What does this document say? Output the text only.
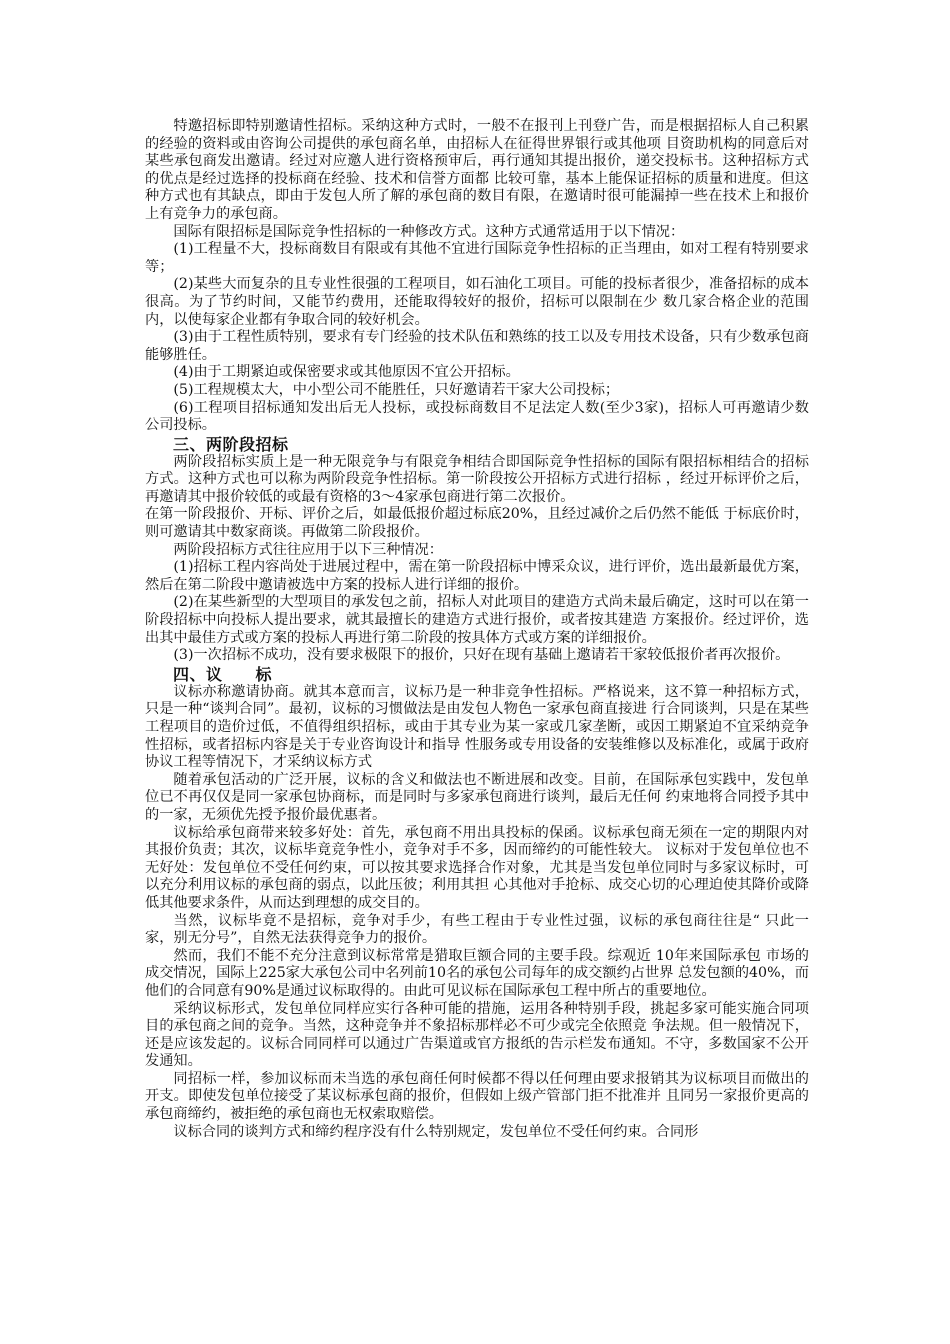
特邀招标即特别邀请性招标。采纳这种方式时，一般不在报刊上刊登广告，而是根据招标人自己积累的经验的资料或由咨询公司提供的承包商名单，由招标人在征得世界银行或其他项 目资助机构的同意后对某些承包商发出邀请。经过对应邀人进行资格预审后，再行通知其提出报价，递交投标书。这种招标方式的优点是经过选择的投标商在经验、技术和信誉方面都 比较可靠，基本上能保证招标的质量和进度。但这种方式也有其缺点，即由于发包人所了解的承包商的数目有限，在邀请时很可能漏掉一些在技术上和报价上有竞争力的承包商。

国际有限招标是国际竞争性招标的一种修改方式。这种方式通常适用于以下情况：

(1)工程量不大，投标商数目有限或有其他不宜进行国际竞争性招标的正当理由，如对工程有特别要求等；

(2)某些大而复杂的且专业性很强的工程项目，如石油化工项目。可能的投标者很少，准备招标的成本很高。为了节约时间，又能节约费用，还能取得较好的报价，招标可以限制在少 数几家合格企业的范围内，以使每家企业都有争取合同的较好机会。

(3)由于工程性质特别，要求有专门经验的技术队伍和熟练的技工以及专用技术设备，只有少数承包商能够胜任。

(4)由于工期紧迫或保密要求或其他原因不宜公开招标。

(5)工程规模太大，中小型公司不能胜任，只好邀请若干家大公司投标；

(6)工程项目招标通知发出后无人投标，或投标商数目不足法定人数(至少3家)，招标人可再邀请少数公司投标。

三、两阶段招标

两阶段招标实质上是一种无限竞争与有限竞争相结合即国际竞争性招标的国际有限招标相结合的招标方式。这种方式也可以称为两阶段竞争性招标。第一阶段按公开招标方式进行招标 ，经过开标评价之后，再邀请其中报价较低的或最有资格的3～4家承包商进行第二次报价。

在第一阶段报价、开标、评价之后，如最低报价超过标底20%，且经过减价之后仍然不能低 于标底价时，则可邀请其中数家商谈。再做第二阶段报价。

两阶段招标方式往往应用于以下三种情况：

(1)招标工程内容尚处于进展过程中，需在第一阶段招标中博采众议，进行评价，选出最新最优方案，然后在第二阶段中邀请被选中方案的投标人进行详细的报价。

(2)在某些新型的大型项目的承发包之前，招标人对此项目的建造方式尚未最后确定，这时可以在第一阶段招标中向投标人提出要求，就其最擅长的建造方式进行报价，或者按其建造 方案报价。经过评价，选出其中最佳方式或方案的投标人再进行第二阶段的按具体方式或方案的详细报价。

(3)一次招标不成功，没有要求极限下的报价，只好在现有基础上邀请若干家较低报价者再次报价。

四、议　　标

议标亦称邀请协商。就其本意而言，议标乃是一种非竞争性招标。严格说来，这不算一种招标方式，只是一种“谈判合同”。最初，议标的习惯做法是由发包人物色一家承包商直接进 行合同谈判，只是在某些工程项目的造价过低，不值得组织招标，或由于其专业为某一家或几家垄断，或因工期紧迫不宜采纳竞争性招标，或者招标内容是关于专业咨询设计和指导 性服务或专用设备的安装维修以及标准化，或属于政府协议工程等情况下，才采纳议标方式

随着承包活动的广泛开展，议标的含义和做法也不断进展和改变。目前，在国际承包实践中，发包单位已不再仅仅是同一家承包协商标，而是同时与多家承包商进行谈判，最后无任何 约束地将合同授予其中的一家，无须优先授予报价最优惠者。

议标给承包商带来较多好处：首先，承包商不用出具投标的保函。议标承包商无须在一定的期限内对其报价负责；其次，议标毕竟竞争性小，竞争对手不多，因而缔约的可能性较大。 议标对于发包单位也不无好处：发包单位不受任何约束，可以按其要求选择合作对象，尤其是当发包单位同时与多家议标时，可以充分利用议标的承包商的弱点，以此压彼；利用其担 心其他对手抢标、成交心切的心理迫使其降价或降低其他要求条件，从而达到理想的成交目的。

当然，议标毕竟不是招标，竞争对手少，有些工程由于专业性过强，议标的承包商往往是“ 只此一家，别无分号”，自然无法获得竞争力的报价。

然而，我们不能不充分注意到议标常常是猎取巨额合同的主要手段。综观近 10年来国际承包 市场的成交情况，国际上225家大承包公司中名列前10名的承包公司每年的成交额约占世界 总发包额的40%，而他们的合同意有90%是通过议标取得的。由此可见议标在国际承包工程中所占的重要地位。

采纳议标形式，发包单位同样应实行各种可能的措施，运用各种特别手段，挑起多家可能实施合同项目的承包商之间的竞争。当然，这种竞争并不象招标那样必不可少或完全依照竞 争法规。但一般情况下，还是应该发起的。议标合同同样可以通过广告渠道或官方报纸的告示栏发布通知。不守，多数国家不公开发通知。

同招标一样，参加议标而未当选的承包商任何时候都不得以任何理由要求报销其为议标项目而做出的开支。即使发包单位接受了某议标承包商的报价，但假如上级产管部门拒不批准并 且同另一家报价更高的承包商缔约，被拒绝的承包商也无权索取赔偿。

议标合同的谈判方式和缔约程序没有什么特别规定，发包单位不受任何约束。合同形
